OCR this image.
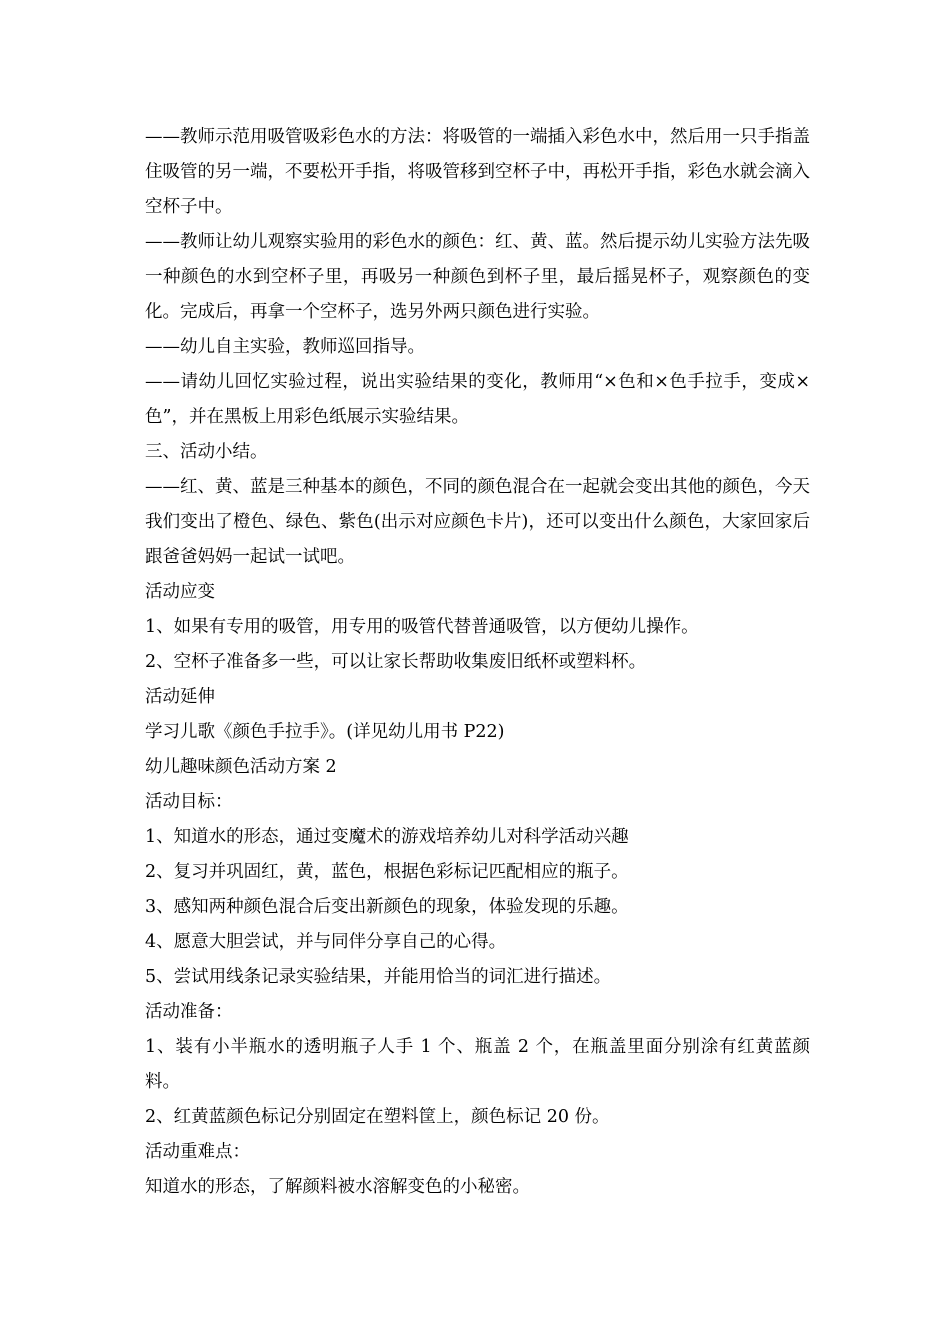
——教师示范用吸管吸彩色水的方法：将吸管的一端插入彩色水中，然后用一只手指盖住吸管的另一端，不要松开手指，将吸管移到空杯子中，再松开手指，彩色水就会滴入空杯子中。

——教师让幼儿观察实验用的彩色水的颜色：红、黄、蓝。然后提示幼儿实验方法先吸一种颜色的水到空杯子里，再吸另一种颜色到杯子里，最后摇晃杯子，观察颜色的变化。完成后，再拿一个空杯子，选另外两只颜色进行实验。

——幼儿自主实验，教师巡回指导。

——请幼儿回忆实验过程，说出实验结果的变化，教师用“×色和×色手拉手，变成×色”，并在黑板上用彩色纸展示实验结果。

三、活动小结。

——红、黄、蓝是三种基本的颜色，不同的颜色混合在一起就会变出其他的颜色，今天我们变出了橙色、绿色、紫色(出示对应颜色卡片)，还可以变出什么颜色，大家回家后跟爸爸妈妈一起试一试吧。

活动应变

1、如果有专用的吸管，用专用的吸管代替普通吸管，以方便幼儿操作。

2、空杯子准备多一些，可以让家长帮助收集废旧纸杯或塑料杯。

活动延伸

学习儿歌《颜色手拉手》。(详见幼儿用书 P22)

幼儿趣味颜色活动方案 2

活动目标：

1、知道水的形态，通过变魔术的游戏培养幼儿对科学活动兴趣

2、复习并巩固红，黄，蓝色，根据色彩标记匹配相应的瓶子。

3、感知两种颜色混合后变出新颜色的现象，体验发现的乐趣。

4、愿意大胆尝试，并与同伴分享自己的心得。

5、尝试用线条记录实验结果，并能用恰当的词汇进行描述。

活动准备：

1、装有小半瓶水的透明瓶子人手 1 个、瓶盖 2 个，在瓶盖里面分别涂有红黄蓝颜料。

2、红黄蓝颜色标记分别固定在塑料筐上，颜色标记 20 份。

活动重难点：

知道水的形态，了解颜料被水溶解变色的小秘密。
